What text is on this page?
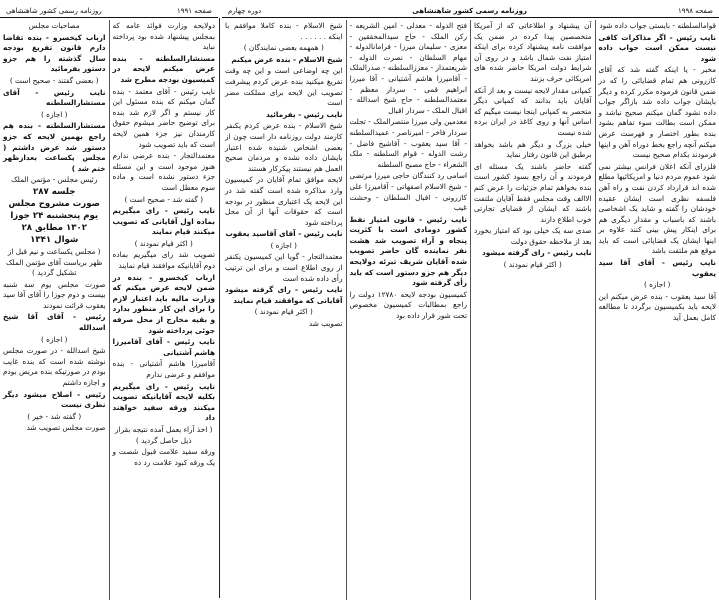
صفحه ۱۹۹۱
روزنامه رسمی کشور شاهنشاهی

دولایحه وزارت فوائد عامه که بمجلس پیشنهاد شده بود پرداخته نباید

مستشارالسلطنه - بنده عرض میکنم لایحه در کمیسیون بودجه مطرح شد

نایب رئیس - آقای معتمد - بنده گمان میکنم که بنده مسئول این کار نیستم و اگر لازم شد بنده برای توضیح حاضر میشوم حقوق کارمندان نیز جزء همین لایحه است که باید تصویب شود

معتمدالتجار - بنده عرضی ندارم هنوز موجود است و این مسئله جزء دستور نشده است و ماده سوم معطل است

( گفته شد - صحیح است )

نایب رئیس - رای میگیریم بماده اول آقایانی که تصویب میکنند قیام نمایند

( اکثر قیام نمودند )

تصویب شد رای میگیریم بماده دوم آقایانیکه موافقند قیام نمایند

ارباب کیخسرو - بنده در ضمن لایحه عرض میکنم که وزارت مالیه باید اعتبار لازم را برای این کار منظور بدارد و بقیه مخارج از محل صرفه جوئی پرداخته شود

نایب رئیس - آقای آقامیرزا هاشم آشتیانی

آقامیرزا هاشم آشتیانی - بنده موافقم و عرضی ندارم

نایب رئیس - رای میگیریم بکلیه لایحه آقایانیکه تصویب میکنند ورقه سفید خواهند داد

( اخذ آراء بعمل آمده نتیجه بقرار ذیل حاصل گردید )

ورقه سفید علامت قبول شصت و یک ورقه کبود علامت رد ده

مصاحبات مجلس

ارباب کیخسرو - بنده تقاضا دارم قانون تفریغ بودجه سال گذشته را هم جزو دستور بفرمائید

( بعضی گفتند - صحیح است )

نایب رئیس - آقای مستشارالسلطنه

( اجازه )

مستشارالسلطنه - بنده هم راجع بهمین لایحه که جزو دستور شد عرض داشتم ( مجلس یکساعت بعدازظهر ختم شد )

رئیس مجلس - مؤتمن الملک

جلسه ۲۸۷

صورت مشروح مجلس

یوم پنجشنبه ۲۴ جوزا

۱۳۰۲ مطابق ۲۸

شوال ۱۳۴۱

( مجلس یکساعت و نیم قبل از ظهر بریاست آقای مؤتمن الملک تشکیل گردید )

صورت مجلس یوم سه شنبه بیست و دوم جوزا را آقای آقا سید یعقوب قرائت نمودند

رئیس - آقای آقا شیخ اسدالله

( اجازه )

شیخ اسدالله - در صورت مجلس نوشته شده است که بنده غایب بودم در صورتیکه بنده مریض بودم و اجازه داشتم

رئیس - اصلاح میشود دیگر نظری نیست

( گفته شد - خیر )

صورت مجلس تصویب شد

صفحه ۱۹۹۸
روزنامه رسمی کشور شاهنشاهی
دوره چهارم

قوامالسلطنه - بایستی جواب داده شود

نایب رئیس - اگر مذاکرات کافی نیست ممکن است جواب داده شود

مخبر - یا اینکه گفته شد که آقای کازرونی هم تمام قضایائی را که در ضمن قانون فرموده مکرر کرده و دیگر بایشان جواب داده شد بازاگر جواب داده نشود گمان میکنم صحیح نباشد و ممکن است بطالت سوء تفاهم بشود بنده بطور اختصار و فهرست عرض میکنم آنچه راجع بخط دوراه آهن و اینها فرمودند بکدام صحیح نیست

فلزرای آنکه اعلان فرانس بیشتر نمی شود عموم مردم دنیا و امریکائیها مطلع شده اند قرارداد کردن نفت و راه آهن فلسفه نظری است ایشان عقیده خودشان را گفته و شاید یک اشخاصی باشند که باسباب و مقدار دیگری هم برای اینکار پیش بینی کنند علاوه بر اینها ایشان یک قضایائی است که باید موقع هم ملتفت باشد

نایب رئیس - آقای آقا سید یعقوب

( اجازه )

آقا سید یعقوب - بنده عرض میکنم این لایحه باید بکمیسیون برگردد تا مطالعه کامل بعمل آید

آن پیشنهاد و اطلاعاتی که از آمریکا متخصصین پیدا کرده در ضمن یک موافقت نامه پیشنهاد کرده برای اینکه امتیاز نفت شمال باشد و در روی آن شرایط دولت امریکا حاضر شده های امریکائی حرف بزنند

کمپانی مقدار لایحه نیست و بعد از آنکه آقایان باید بدانند که کمپانی دیگر متحصر به کمپانی اینجا نیست میگیم که اساس آنها و روی کاغذ در ایران برده شده نیست

خیلی بزرگ و دیگر هم باشد بخواهد برطبق این قانون رفتار نماید

گفته حاضر باشند یک مسئله ای فرمودند و آن راجع بسود کشور است بنده بخواهم تمام جزئیات را عرض کنم الاالف وقت مجلس فقط آقایان ملتفت باشند که ایشان از قضایای تجارتی خوب اطلاع دارند

صدی سه یک خیلی بود که امتیاز بخورد بعد از ملاحظه حقوق دولت

نایب رئیس - رای گرفته میشود

( اکثر قیام نمودند )

فتح الدوله - معدلی - امین الشریعه - رکن الملک - حاج سیدالمحققین - معزی - سلیمان میرزا - فرامانالدوله - مهام السلطان - نصرت الدوله - شریعتمدار - معززالسلطنه - صدرالملک - آقامیرزا هاشم آشتیانی - آقا میرزا ابراهیم قمی - سردار معظم - معتمدالسلطنه - حاج شیخ اسدالله - اقبال الملک - سردار اقبال

معدمین ولی میرزا منتصرالملک - تجلت سردار فاخر - امیرناصر - عمیدالسلطنه - آقا سید یعقوب - آقاشیخ فاضل - رشت الدوله - قوام السلطنه - ملک الشعراء - حاج مصبح السلطنه

اسامی رد کنندگان حاجی میرزا مرتضی - شیخ الاسلام اصفهانی - آقامیرزا علی کازرونی - اقبال السلطان - وحشت غیب

نایب رئیس - قانون امتیاز نفط کشور دومادی است با کثریت پنجاه و آراء تصویب شد هشت نفر نماینده گان حاضر تصویب شده آقایان شریف تبرئه دولایحه دیگر هم جزو دستور است که باید رأی گرفته شود

کمیسیون بودجه لایحه ۱۲۷۸۰ دولت را راجع بمطالبات کمیسیون مخصوص تحت شور قرار داده بود

شیخ الاسلام - بنده کاملا موافقم با اینکه . . . . . .

( همهمه بعضی نمایندگان )

شیخ الاسلام - بنده عرض میکنم

این چه اوضاعی است و این چه وقت تفریغ میکنید بنده عرض کردم پیشرفت تصویب این لایحه برای مملکت مضر است

نایب رئیس - بفرمائید

شیخ الاسلام - بنده عرض کردم یکنفر کارمند دولت روزنامه دار است چون از بعضی اشخاص شنیده شده اعتبار بایشان داده نشده و مردمان صحیح العمل هم نیستند پیکرکار هستند

لایحه موافق تمام آقایان در کمیسیون وارد مذاکره شده است گفته شد در این لایحه یک اعتباری منظور در بودجه است که حقوقات آنها از آن محل پرداخته شود

نایب رئیس - آقای آقاسید یعقوب

( اجازه )

معتمدالتجار - گویا این کمیسیون یکنفر از روی اطلاع است و برای این ترتیب رأی داده شده است

نایب رئیس - رای گرفته میشود آقایانی که موافقند قیام نمایند

( اکثر قیام نمودند )

تصویب شد
